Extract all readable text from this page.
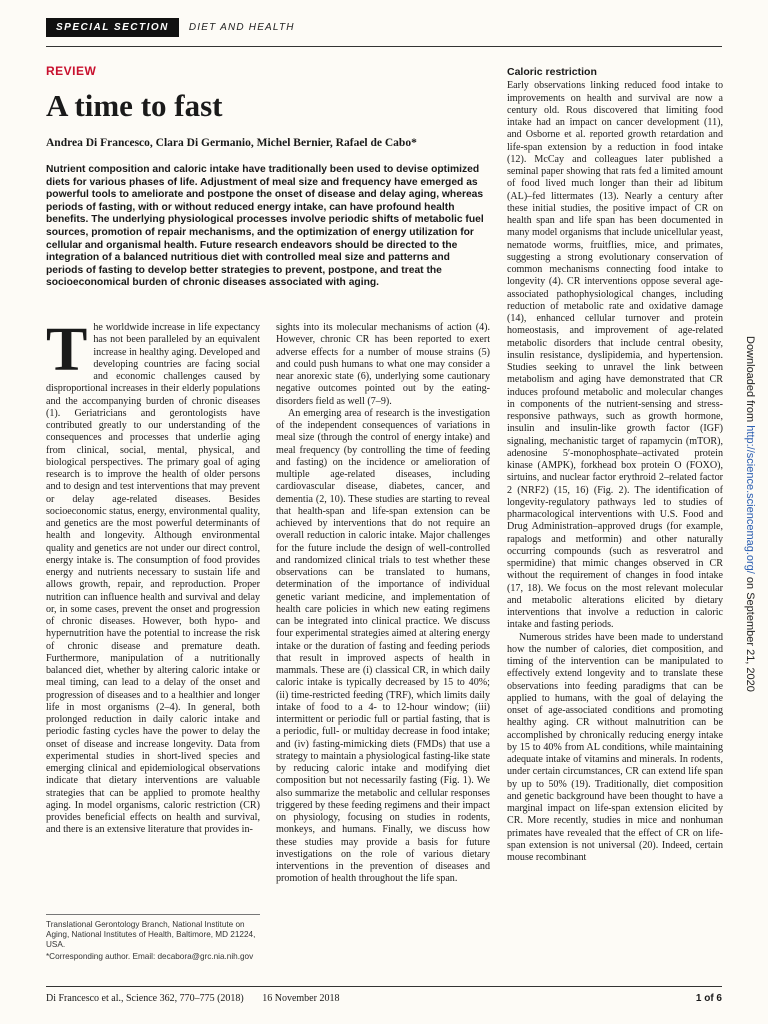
SPECIAL SECTION	DIET AND HEALTH
REVIEW
A time to fast
Andrea Di Francesco, Clara Di Germanio, Michel Bernier, Rafael de Cabo*

Nutrient composition and caloric intake have traditionally been used to devise optimized diets for various phases of life. Adjustment of meal size and frequency have emerged as powerful tools to ameliorate and postpone the onset of disease and delay aging, whereas periods of fasting, with or without reduced energy intake, can have profound health benefits. The underlying physiological processes involve periodic shifts of metabolic fuel sources, promotion of repair mechanisms, and the optimization of energy utilization for cellular and organismal health. Future research endeavors should be directed to the integration of a balanced nutritious diet with controlled meal size and patterns and periods of fasting to develop better strategies to prevent, postpone, and treat the socioeconomical burden of chronic diseases associated with aging.

The worldwide increase in life expectancy has not been paralleled by an equivalent increase in healthy aging. Developed and developing countries are facing social and economic challenges caused by disproportional increases in their elderly populations and the accompanying burden of chronic diseases (1). Geriatricians and gerontologists have contributed greatly to our understanding of the consequences and processes that underlie aging from clinical, social, mental, physical, and biological perspectives. The primary goal of aging research is to improve the health of older persons and to design and test interventions that may prevent or delay age-related diseases. Besides socioeconomic status, energy, environmental quality, and genetics are the most powerful determinants of health and longevity. Although environmental quality and genetics are not under our direct control, energy intake is. The consumption of food provides energy and nutrients necessary to sustain life and allows growth, repair, and reproduction. Proper nutrition can influence health and survival and delay or, in some cases, prevent the onset and progression of chronic diseases. However, both hypo- and hypernutrition have the potential to increase the risk of chronic disease and premature death. Furthermore, manipulation of a nutritionally balanced diet, whether by altering caloric intake or meal timing, can lead to a delay of the onset and progression of diseases and to a healthier and longer life in most organisms (2–4). In general, both prolonged reduction in daily caloric intake and periodic fasting cycles have the power to delay the onset of disease and increase longevity. Data from experimental studies in short-lived species and emerging clinical and epidemiological observations indicate that dietary interventions are valuable strategies that can be applied to promote healthy aging. In model organisms, caloric restriction (CR) provides beneficial effects on health and survival, and there is an extensive literature that provides in-

sights into its molecular mechanisms of action (4). However, chronic CR has been reported to exert adverse effects for a number of mouse strains (5) and could push humans to what one may consider a near anorexic state (6), underlying some cautionary negative outcomes pointed out by the eating-disorders field as well (7–9).

An emerging area of research is the investigation of the independent consequences of variations in meal size (through the control of energy intake) and meal frequency (by controlling the time of feeding and fasting) on the incidence or amelioration of multiple age-related diseases, including cardiovascular disease, diabetes, cancer, and dementia (2, 10). These studies are starting to reveal that health-span and life-span extension can be achieved by interventions that do not require an overall reduction in caloric intake. Major challenges for the future include the design of well-controlled and randomized clinical trials to test whether these observations can be translated to humans, determination of the importance of individual genetic variant medicine, and implementation of health care policies in which new eating regimens can be integrated into clinical practice. We discuss four experimental strategies aimed at altering energy intake or the duration of fasting and feeding periods that result in improved aspects of health in mammals. These are (i) classical CR, in which daily caloric intake is typically decreased by 15 to 40%; (ii) time-restricted feeding (TRF), which limits daily intake of food to a 4- to 12-hour window; (iii) intermittent or periodic full or partial fasting, that is a periodic, full- or multiday decrease in food intake; and (iv) fasting-mimicking diets (FMDs) that use a strategy to maintain a physiological fasting-like state by reducing caloric intake and modifying diet composition but not necessarily fasting (Fig. 1). We also summarize the metabolic and cellular responses triggered by these feeding regimens and their impact on physiology, focusing on studies in rodents, monkeys, and humans. Finally, we discuss how these studies may provide a basis for future investigations on the role of various dietary interventions in the prevention of diseases and promotion of health throughout the life span.

Caloric restriction

Early observations linking reduced food intake to improvements on health and survival are now a century old. Rous discovered that limiting food intake had an impact on cancer development (11), and Osborne et al. reported growth retardation and life-span extension by a reduction in food intake (12). McCay and colleagues later published a seminal paper showing that rats fed a limited amount of food lived much longer than their ad libitum (AL)–fed littermates (13). Nearly a century after these initial studies, the positive impact of CR on health span and life span has been documented in many model organisms that include unicellular yeast, nematode worms, fruitflies, mice, and primates, suggesting a strong evolutionary conservation of common mechanisms connecting food intake to longevity (4). CR interventions oppose several age-associated pathophysiological changes, including reduction of metabolic rate and oxidative damage (14), enhanced cellular turnover and protein homeostasis, and improvement of age-related metabolic disorders that include central obesity, insulin resistance, dyslipidemia, and hypertension. Studies seeking to unravel the link between metabolism and aging have demonstrated that CR induces profound metabolic and molecular changes in components of the nutrient-sensing and stress-responsive pathways, such as growth hormone, insulin and insulin-like growth factor (IGF) signaling, mechanistic target of rapamycin (mTOR), adenosine 5′-monophosphate–activated protein kinase (AMPK), forkhead box protein O (FOXO), sirtuins, and nuclear factor erythroid 2–related factor 2 (NRF2) (15, 16) (Fig. 2). The identification of longevity-regulatory pathways led to studies of pharmacological interventions with U.S. Food and Drug Administration–approved drugs (for example, rapalogs and metformin) and other naturally occurring compounds (such as resveratrol and spermidine) that mimic changes observed in CR without the requirement of changes in food intake (17, 18). We focus on the most relevant molecular and metabolic alterations elicited by dietary interventions that involve a reduction in caloric intake and fasting periods.

Numerous strides have been made to understand how the number of calories, diet composition, and timing of the intervention can be manipulated to effectively extend longevity and to translate these observations into feeding paradigms that can be applied to humans, with the goal of delaying the onset of age-associated conditions and promoting healthy aging. CR without malnutrition can be accomplished by chronically reducing energy intake by 15 to 40% from AL conditions, while maintaining adequate intake of vitamins and minerals. In rodents, under certain circumstances, CR can extend life span by up to 50% (19). Traditionally, diet composition and genetic background have been thought to have a marginal impact on life-span extension elicited by CR. More recently, studies in mice and nonhuman primates have revealed that the effect of CR on life-span extension is not universal (20). Indeed, certain mouse recombinant

Translational Gerontology Branch, National Institute on Aging, National Institutes of Health, Baltimore, MD 21224, USA.

*Corresponding author. Email: decabora@grc.nia.nih.gov

Di Francesco et al., Science 362, 770–775 (2018) 16 November 2018	1 of 6
Downloaded from http://science.sciencemag.org/ on September 21, 2020
